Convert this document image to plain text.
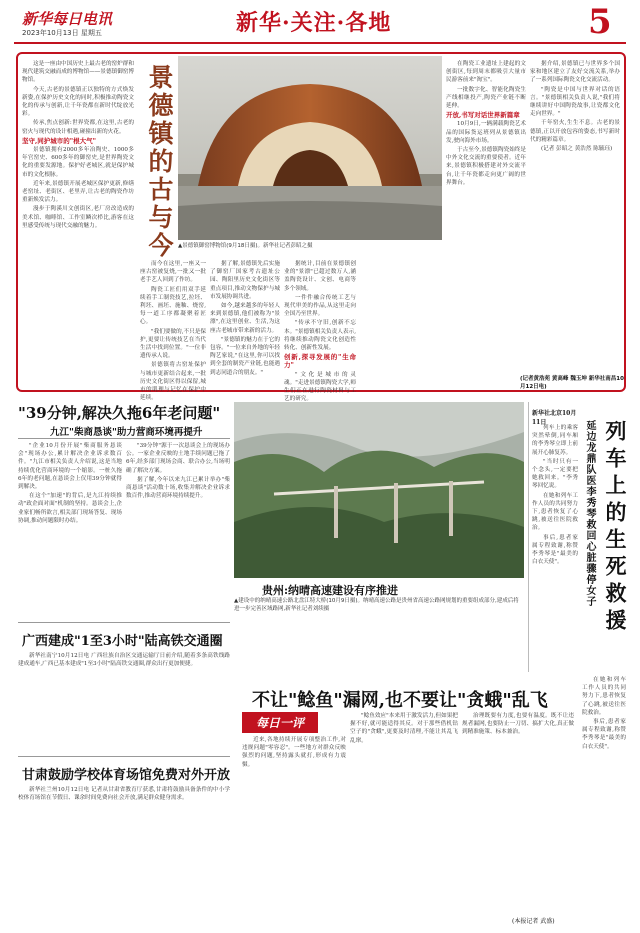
新华每日电讯
2023年10月13日 星期五	新华·关注·各地	5

这是一座由中国历史上最古老的窑炉群和现代建筑交融而成的博物馆——景德镇御窑博物馆。

今天,古老的景德镇正以独特的方式焕发新姿,在保护历史文化的同时,积极推动陶瓷文化的传承与创新,让千年瓷都在新时代绽放光彩。

传承,焦点创新:世界瓷都,在这里,古老的窑火与现代的设计相遇,碰撞出新的火花。

坚守,同护城市的"根大气"

景德镇拥有2000多年冶陶史、1000多年官窑史、600多年的御窑史,是世界陶瓷文化的重要发源地。保护好老城区,就是保护城市的文化根脉。

近年来,景德镇开展老城区保护更新,修缮老窑址、老街区、老里弄,让古老的陶瓷作坊重新焕发活力。

漫步于陶溪川文创街区,老厂房改造成的美术馆、咖啡馆、工作室鳞次栉比,游客在这里感受传统与现代交融的魅力。	景德镇的古与今 ▲景德镇御窑博物馆(9月18日摄)。新华社记者彭昭之摄

而今在这里,一座又一座古窑被复烧,一批又一批老手艺人回到了作坊。

陶瓷工匠们用双手延续着手工制瓷技艺,拉坯、利坯、画坯、施釉、烧窑,每一道工序都凝聚着匠心。

"我们要做的,不只是保护,更要让传统技艺在当代生活中找到位置。"一位非遗传承人说。

景德镇将古窑址保护与城市更新结合起来,一批历史文化街区得以保留,城市的肌理与记忆在保护中延续。

据了解,景德镇先后实施了御窑厂国家考古遗址公园、陶阳里历史文化街区等重点项目,推动文物保护与城市发展协调共进。

如今,越来越多的年轻人来到景德镇,他们被称为"景漂",在这里创业、生活,为这座古老城市带来新的活力。

"景德镇的魅力在于它的包容。"一位来自外地的年轻陶艺家说,"在这里,你可以找到全套的制瓷产业链,也能遇到志同道合的朋友。"

据统计,目前在景德镇创业的"景漂"已超过数万人,涵盖陶瓷设计、文创、电商等多个领域。

一件件融合传统工艺与现代审美的作品,从这里走向全国乃至世界。

"传承不守旧,创新不忘本。"景德镇相关负责人表示,将继续推动陶瓷文化创造性转化、创新性发展。

创新,探寻发展的"生命力"

"文化是城市的灵魂。"走进景德镇陶瓷大学,师生们正在进行陶瓷材料与工艺的研究。

在陶瓷工业遗址上建起的文创街区,每到周末都吸引大量市民游客前来"淘宝"。

一批数字化、智能化陶瓷生产线相继投产,陶瓷产业链不断延伸。

开放,书写对话世界新篇章

10月9日,一辆满载陶瓷艺术品的国际货运班列从景德镇出发,驶向海外市场。

于古至今,景德镇陶瓷始终是中外文化交流的重要使者。近年来,景德镇积极搭建对外交流平台,让千年瓷都走向更广阔的世界舞台。

据介绍,景德镇已与世界多个国家和地区建立了友好交流关系,举办了一系列国际陶瓷文化交流活动。

"陶瓷是中国与世界对话的语言。"景德镇相关负责人说,"我们将继续讲好中国陶瓷故事,让瓷都文化走向世界。"

千年窑火,生生不息。古老的景德镇,正以开放包容的姿态,书写新时代的精彩篇章。

(记者 彭昭之 黄浩然 陈毓珏)

(记者黄浩苑 黄高峰 魏玉坤 新华社南昌10月12日电)
"39分钟,解决久拖6年老问题"
九江"柴商恳谈"助力营商环境再提升

"企业10月份开展"柴商服务恳谈会"现场办公,累计解决企业诉求数百件。"九江市相关负责人介绍说,这是当地持续优化营商环境的一个缩影。一桩久拖6年的老问题,在恳谈会上仅用39分钟就得到解决。

在这个"加速"的背后,是九江持续推动"政企面对面"机制的坚持。恳谈会上,企业家们畅所欲言,相关部门现场答复、现场协调,推动问题限时办结。

"39分钟"源于一次恳谈会上的现场办公。一家企业反映的土地手续问题已拖了6年,经多部门现场会商、联合办公,当场明确了解决方案。

据了解,今年以来九江已累计举办"柴商恳谈"活动数十场,收集并解决企业诉求数百件,推动营商环境持续提升。

贵州:纳晴高速建设有序推进
▲建设中的纳晴高速公路北盘江特大桥(10月9日摄)。纳晴高速公路是贵州省高速公路网规划的重要组成部分,建成后将进一步完善区域路网,新华社记者刘续摄
新华社北京10月11日

列车上的乘客突然晕倒,同车厢的李秀琴立即上前展开心肺复苏。

"当时只有一个念头,一定要把她救回来。"李秀琴回忆说。

在她和列车工作人员的共同努力下,患者恢复了心跳,被送往医院救治。

事后,患者家属专程致谢,称赞李秀琴是"最美的白衣天使"。	列车上的生死救援
延边龙鼎队医李秀琴救回心脏骤停女子

在她和列车工作人员的共同努力下,患者恢复了心跳,被送往医院救治。

事后,患者家属专程致谢,称赞李秀琴是"最美的白衣天使"。

广西建成"1至3小时"陆高铁交通圈

新华社南宁10月12日电 广西壮族自治区交通运输厅日前介绍,随着多条高铁线路建成通车,广西已基本建成"1至3小时"陆高铁交通圈,群众出行更加便捷。

甘肃鼓励学校体育场馆免费对外开放

新华社兰州10月12日电 记者从甘肃省教育厅获悉,甘肃将鼓励具备条件的中小学校体育场馆在节假日、课余时间免费向社会开放,满足群众健身需求。

不让"鲶鱼"漏网,也不要让"贪蛾"乱飞
每日一评

近来,各地持续开展专项整治工作,对违规问题"零容忍"。一些地方对群众反映强烈的问题,坚持露头就打,形成有力震慑。

"鲶鱼效应"本来用于激发活力,但如果把握不好,就可能适得其反。对于那些借机钻空子的"贪蛾",更要及时清理,不能让其乱飞乱窜。

治理既要有力度,也要有温度。既不让违规者漏网,也要防止一刀切、搞扩大化,真正做到精准施策、标本兼治。

(本报记者 武盛)
